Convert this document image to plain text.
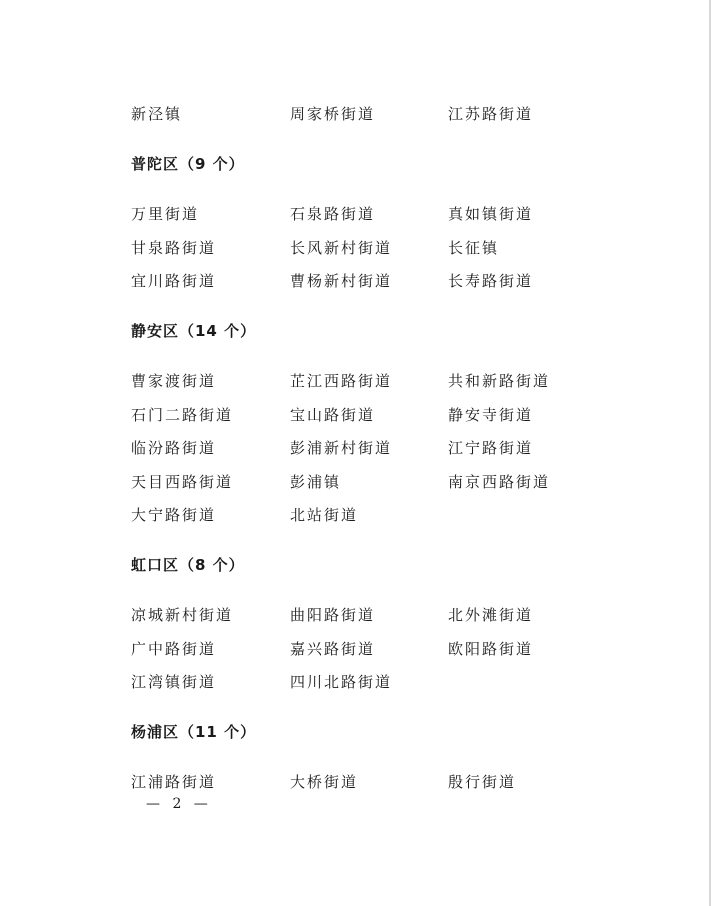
新泾镇	周家桥街道	江苏路街道
普陀区（9 个）
万里街道	石泉路街道	真如镇街道
甘泉路街道	长风新村街道	长征镇
宜川路街道	曹杨新村街道	长寿路街道
静安区（14 个）
曹家渡街道	芷江西路街道	共和新路街道
石门二路街道	宝山路街道	静安寺街道
临汾路街道	彭浦新村街道	江宁路街道
天目西路街道	彭浦镇	南京西路街道
大宁路街道	北站街道
虹口区（8 个）
凉城新村街道	曲阳路街道	北外滩街道
广中路街道	嘉兴路街道	欧阳路街道
江湾镇街道	四川北路街道
杨浦区（11 个）
江浦路街道	大桥街道	殷行街道
— 2 —
